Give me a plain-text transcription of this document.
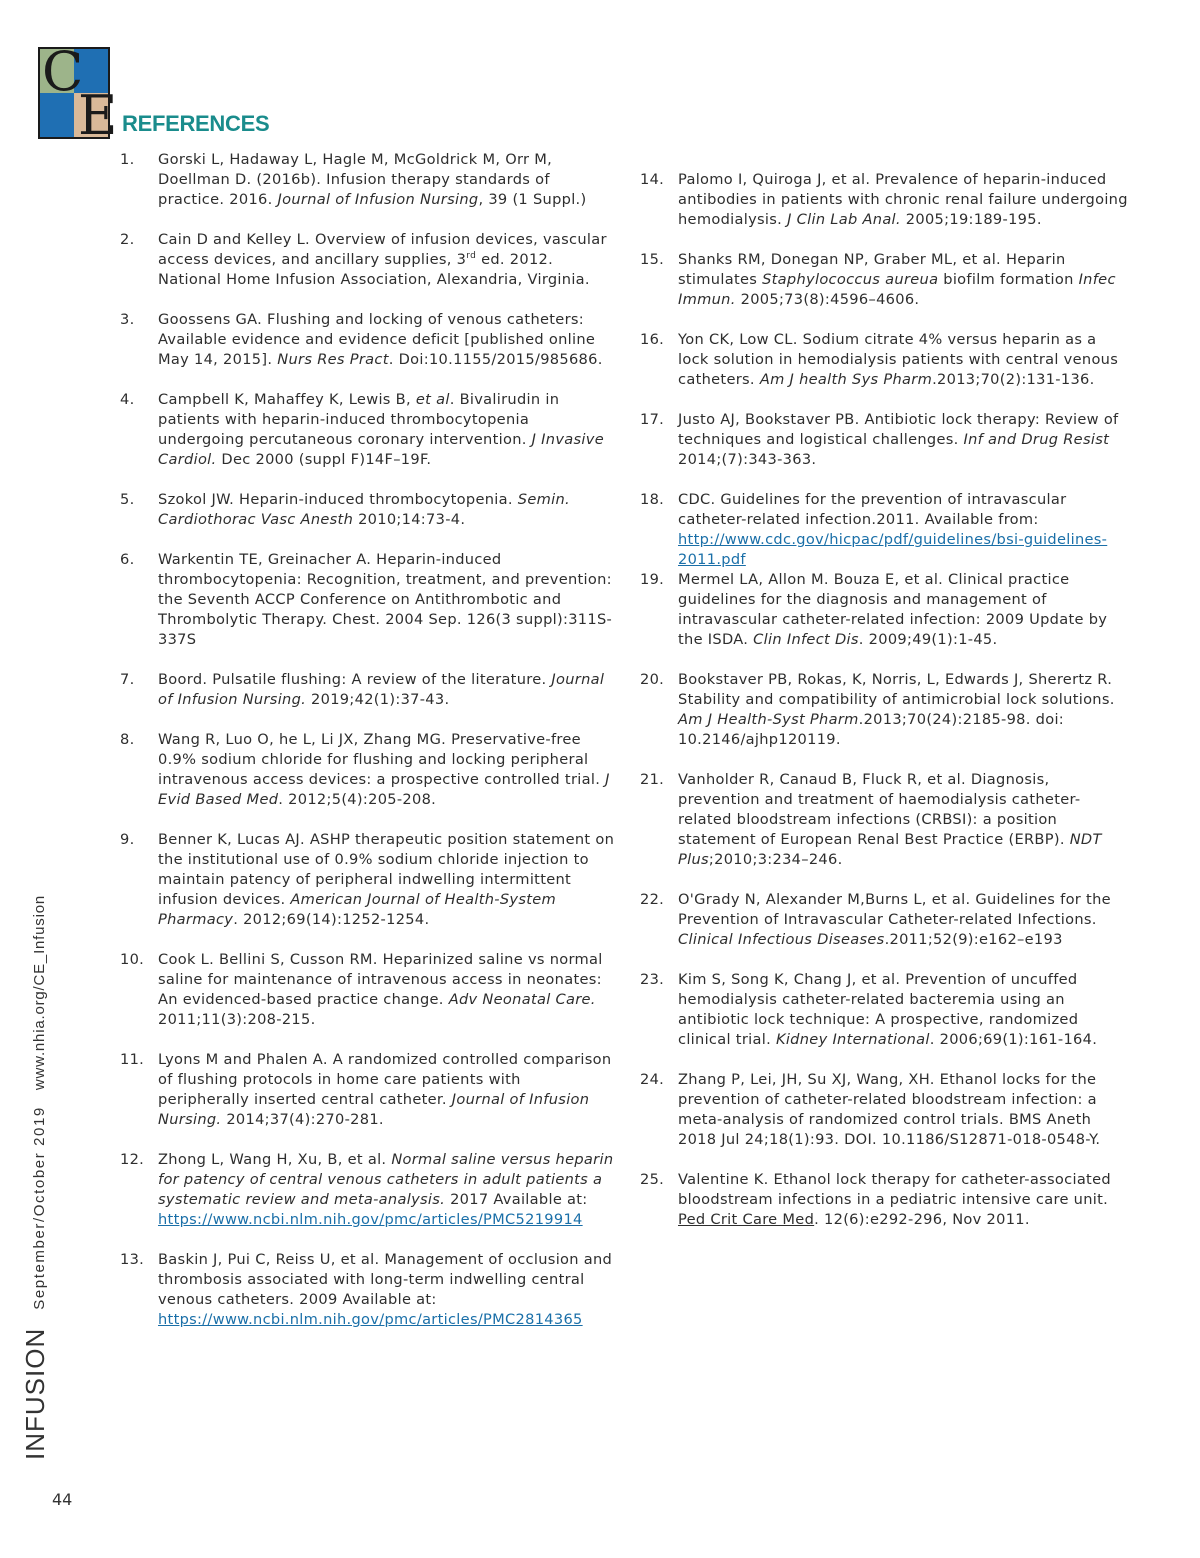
C
E REFERENCES
1. Gorski L, Hadaway L, Hagle M, McGoldrick M, Orr M, Doellman D. (2016b). Infusion therapy standards of practice. 2016. Journal of Infusion Nursing, 39 (1 Suppl.)
2. Cain D and Kelley L. Overview of infusion devices, vascular access devices, and ancillary supplies, 3rd ed. 2012. National Home Infusion Association, Alexandria, Virginia.
3. Goossens GA. Flushing and locking of venous catheters: Available evidence and evidence deficit [published online May 14, 2015]. Nurs Res Pract. Doi:10.1155/2015/985686.
4. Campbell K, Mahaffey K, Lewis B, et al. Bivalirudin in patients with heparin-induced thrombocytopenia undergoing percutaneous coronary intervention. J Invasive Cardiol. Dec 2000 (suppl F)14F–19F.
5. Szokol JW. Heparin-induced thrombocytopenia. Semin. Cardiothorac Vasc Anesth 2010;14:73-4.
6. Warkentin TE, Greinacher A. Heparin-induced thrombocytopenia: Recognition, treatment, and prevention: the Seventh ACCP Conference on Antithrombotic and Thrombolytic Therapy. Chest. 2004 Sep. 126(3 suppl):311S-337S
7. Boord. Pulsatile flushing: A review of the literature. Journal of Infusion Nursing. 2019;42(1):37-43.
8. Wang R, Luo O, he L, Li JX, Zhang MG. Preservative-free 0.9% sodium chloride for flushing and locking peripheral intravenous access devices: a prospective controlled trial. J Evid Based Med. 2012;5(4):205-208.
9. Benner K, Lucas AJ. ASHP therapeutic position statement on the institutional use of 0.9% sodium chloride injection to maintain patency of peripheral indwelling intermittent infusion devices. American Journal of Health-System Pharmacy. 2012;69(14):1252-1254.
10. Cook L. Bellini S, Cusson RM. Heparinized saline vs normal saline for maintenance of intravenous access in neonates: An evidenced-based practice change. Adv Neonatal Care. 2011;11(3):208-215.
11. Lyons M and Phalen A. A randomized controlled comparison of flushing protocols in home care patients with peripherally inserted central catheter. Journal of Infusion Nursing. 2014;37(4):270-281.
12. Zhong L, Wang H, Xu, B, et al. Normal saline versus heparin for patency of central venous catheters in adult patients a systematic review and meta-analysis. 2017 Available at: https://www.ncbi.nlm.nih.gov/pmc/articles/PMC5219914
13. Baskin J, Pui C, Reiss U, et al. Management of occlusion and thrombosis associated with long-term indwelling central venous catheters. 2009 Available at: https://www.ncbi.nlm.nih.gov/pmc/articles/PMC2814365
14. Palomo I, Quiroga J, et al. Prevalence of heparin-induced antibodies in patients with chronic renal failure undergoing hemodialysis. J Clin Lab Anal. 2005;19:189-195.
15. Shanks RM, Donegan NP, Graber ML, et al. Heparin stimulates Staphylococcus aureua biofilm formation Infec Immun. 2005;73(8):4596–4606.
16. Yon CK, Low CL. Sodium citrate 4% versus heparin as a lock solution in hemodialysis patients with central venous catheters. Am J health Sys Pharm.2013;70(2):131-136.
17. Justo AJ, Bookstaver PB. Antibiotic lock therapy: Review of techniques and logistical challenges. Inf and Drug Resist 2014;(7):343-363.
18. CDC. Guidelines for the prevention of intravascular catheter-related infection.2011. Available from: http://www.cdc.gov/hicpac/pdf/guidelines/bsi-guidelines-2011.pdf
19. Mermel LA, Allon M. Bouza E, et al. Clinical practice guidelines for the diagnosis and management of intravascular catheter-related infection: 2009 Update by the ISDA. Clin Infect Dis. 2009;49(1):1-45.
20. Bookstaver PB, Rokas, K, Norris, L, Edwards J, Sherertz R. Stability and compatibility of antimicrobial lock solutions. Am J Health-Syst Pharm.2013;70(24):2185-98. doi: 10.2146/ajhp120119.
21. Vanholder R, Canaud B, Fluck R, et al. Diagnosis, prevention and treatment of haemodialysis catheter-related bloodstream infections (CRBSI): a position statement of European Renal Best Practice (ERBP). NDT Plus;2010;3:234–246.
22. O'Grady N, Alexander M,Burns L, et al. Guidelines for the Prevention of Intravascular Catheter-related Infections. Clinical Infectious Diseases.2011;52(9):e162–e193
23. Kim S, Song K, Chang J, et al. Prevention of uncuffed hemodialysis catheter-related bacteremia using an antibiotic lock technique: A prospective, randomized clinical trial. Kidney International. 2006;69(1):161-164.
24. Zhang P, Lei, JH, Su XJ, Wang, XH. Ethanol locks for the prevention of catheter-related bloodstream infection: a meta-analysis of randomized control trials. BMS Aneth 2018 Jul 24;18(1):93. DOI. 10.1186/S12871-018-0548-Y.
25. Valentine K. Ethanol lock therapy for catheter-associated bloodstream infections in a pediatric intensive care unit. Ped Crit Care Med. 12(6):e292-296, Nov 2011.
INFUSION
September/October 2019
www.nhia.org/CE_Infusion
44
